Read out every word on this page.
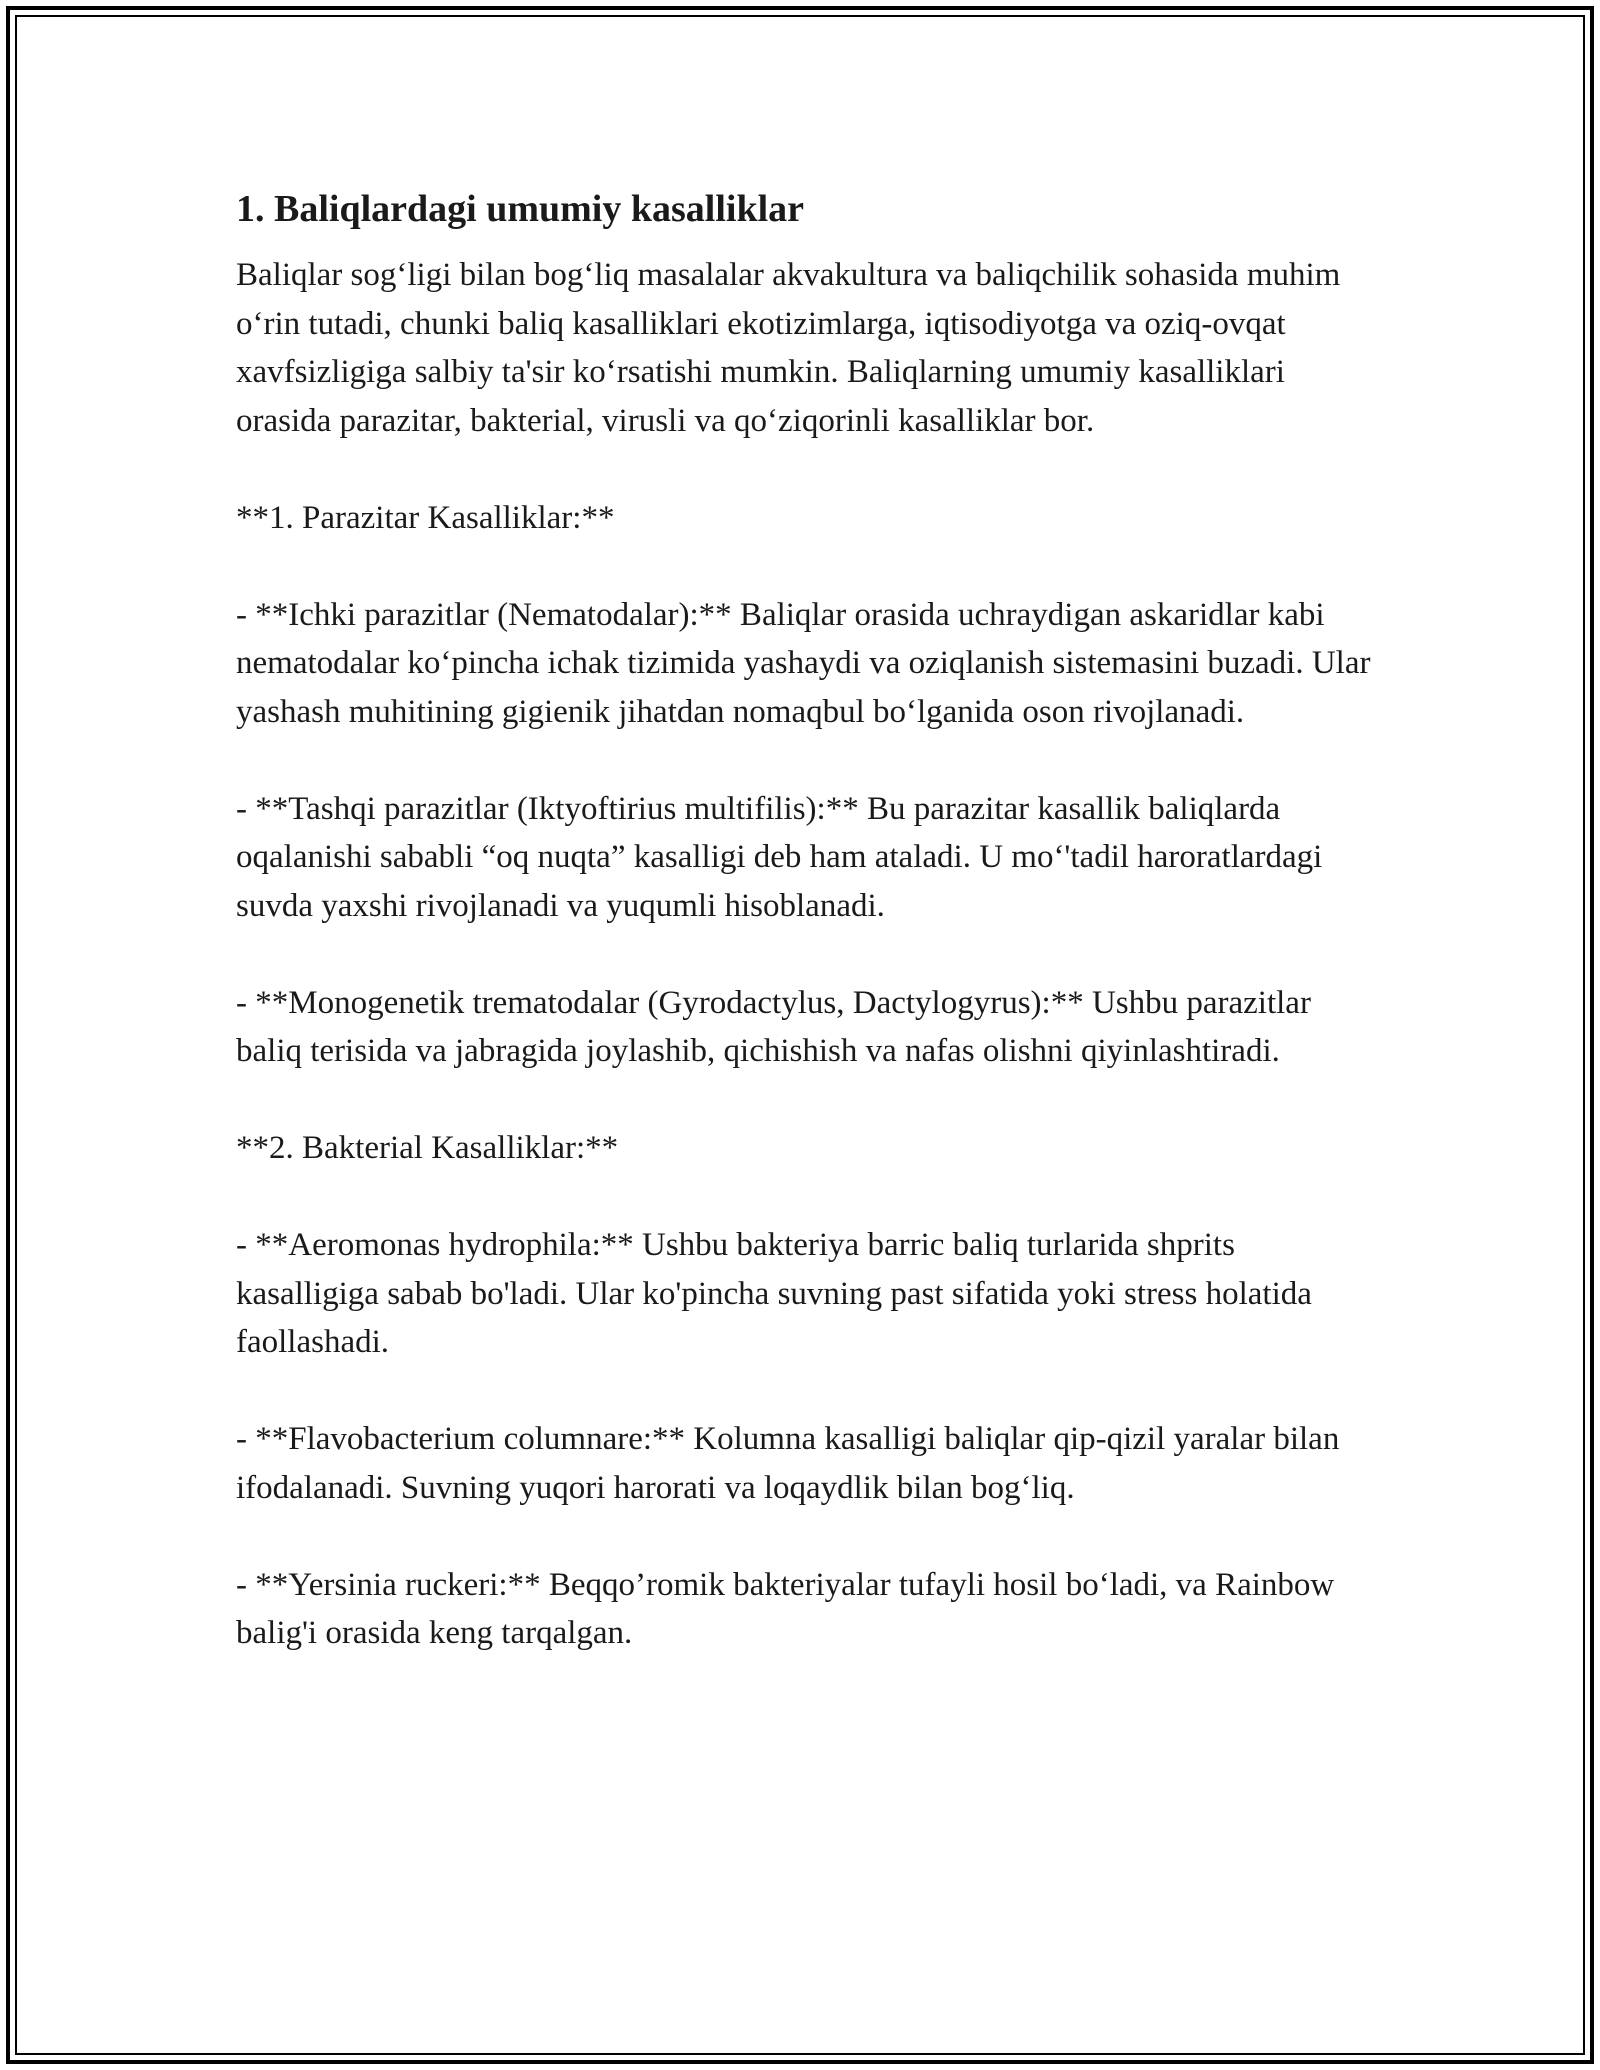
1. Baliqlardagi umumiy kasalliklar

Baliqlar sog‘ligi bilan bog‘liq masalalar akvakultura va baliqchilik sohasida muhim o‘rin tutadi, chunki baliq kasalliklari ekotizimlarga, iqtisodiyotga va oziq-ovqat xavfsizligiga salbiy ta'sir ko‘rsatishi mumkin. Baliqlarning umumiy kasalliklari orasida parazitar, bakterial, virusli va qo‘ziqorinli kasalliklar bor.

**1. Parazitar Kasalliklar:**

- **Ichki parazitlar (Nematodalar):** Baliqlar orasida uchraydigan askaridlar kabi nematodalar ko‘pincha ichak tizimida yashaydi va oziqlanish sistemasini buzadi. Ular yashash muhitining gigienik jihatdan nomaqbul bo‘lganida oson rivojlanadi.

- **Tashqi parazitlar (Iktyoftirius multifilis):** Bu parazitar kasallik baliqlarda oqalanishi sababli “oq nuqta” kasalligi deb ham ataladi. U mo‘'tadil haroratlardagi suvda yaxshi rivojlanadi va yuqumli hisoblanadi.

- **Monogenetik trematodalar (Gyrodactylus, Dactylogyrus):** Ushbu parazitlar baliq terisida va jabragida joylashib, qichishish va nafas olishni qiyinlashtiradi.

**2. Bakterial Kasalliklar:**

- **Aeromonas hydrophila:** Ushbu bakteriya barric baliq turlarida shprits kasalligiga sabab bo'ladi. Ular ko'pincha suvning past sifatida yoki stress holatida faollashadi.

- **Flavobacterium columnare:** Kolumna kasalligi baliqlar qip-qizil yaralar bilan ifodalanadi. Suvning yuqori harorati va loqaydlik bilan bog‘liq.

- **Yersinia ruckeri:** Beqqo’romik bakteriyalar tufayli hosil bo‘ladi, va Rainbow balig'i orasida keng tarqalgan.
